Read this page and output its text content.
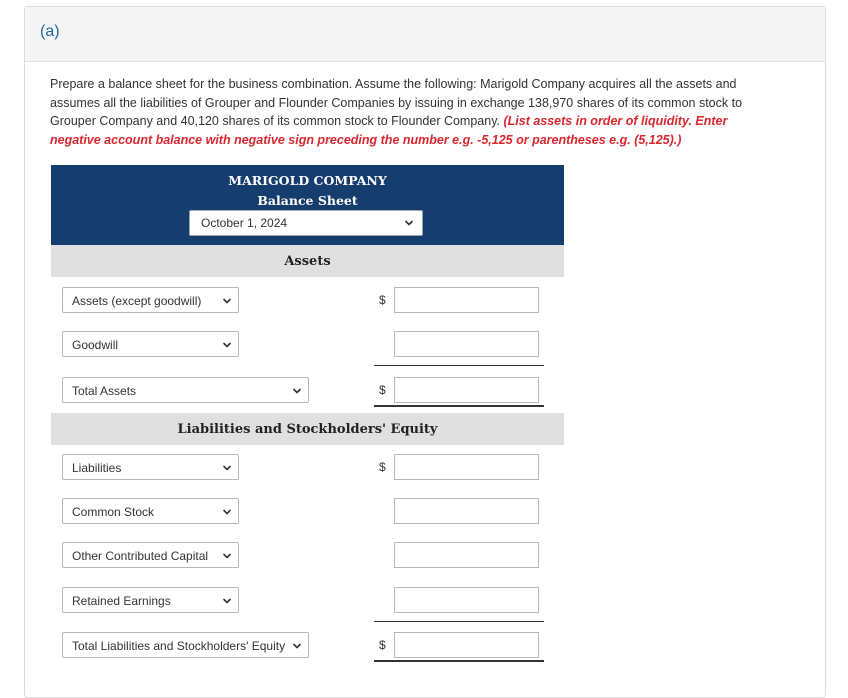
(a)
Prepare a balance sheet for the business combination. Assume the following: Marigold Company acquires all the assets and assumes all the liabilities of Grouper and Flounder Companies by issuing in exchange 138,970 shares of its common stock to Grouper Company and 40,120 shares of its common stock to Flounder Company. (List assets in order of liquidity. Enter negative account balance with negative sign preceding the number e.g. -5,125 or parentheses e.g. (5,125).)
MARIGOLD COMPANY
Balance Sheet
October 1, 2024
Assets
Assets (except goodwill)	$
Goodwill
Total Assets	$
Liabilities and Stockholders' Equity
Liabilities	$
Common Stock
Other Contributed Capital
Retained Earnings
Total Liabilities and Stockholders' Equity	$
